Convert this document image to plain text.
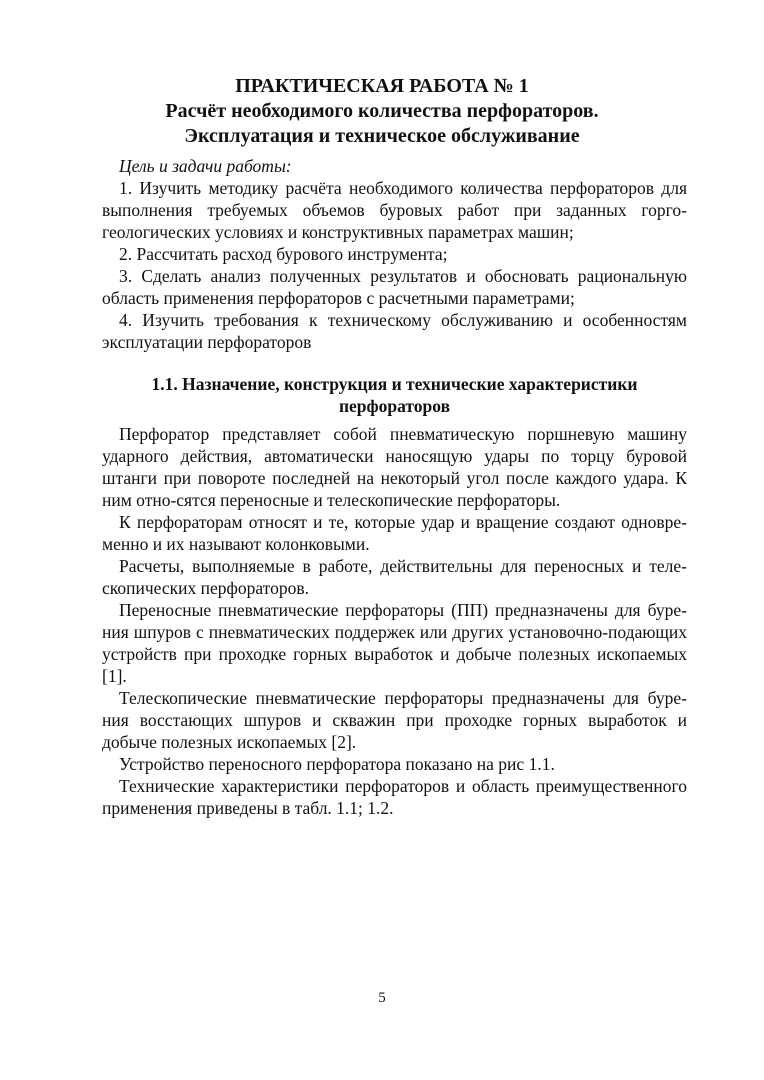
ПРАКТИЧЕСКАЯ РАБОТА № 1
Расчёт необходимого количества перфораторов.
Эксплуатация и техническое обслуживание

Цель и задачи работы:

1. Изучить методику расчёта необходимого количества перфораторов для выполнения требуемых объемов буровых работ при заданных горго-геологических условиях и конструктивных параметрах машин;

2. Рассчитать расход бурового инструмента;

3. Сделать анализ полученных результатов и обосновать рациональную область применения перфораторов с расчетными параметрами;

4. Изучить требования к техническому обслуживанию и особенностям эксплуатации перфораторов

1.1. Назначение, конструкция и технические характеристики
перфораторов

Перфоратор представляет собой пневматическую поршневую машину ударного действия, автоматически наносящую удары по торцу буровой штанги при повороте последней на некоторый угол после каждого удара. К ним отно-сятся переносные и телескопические перфораторы.

К перфораторам относят и те, которые удар и вращение создают одновре-менно и их называют колонковыми.

Расчеты, выполняемые в работе, действительны для переносных и теле-скопических перфораторов.

Переносные пневматические перфораторы (ПП) предназначены для буре-ния шпуров с пневматических поддержек или других установочно-подающих устройств при проходке горных выработок и добыче полезных ископаемых [1].

Телескопические пневматические перфораторы предназначены для буре-ния восстающих шпуров и скважин при проходке горных выработок и добыче полезных ископаемых [2].

Устройство переносного перфоратора показано на рис 1.1.

Технические характеристики перфораторов и область преимущественного применения приведены в табл. 1.1; 1.2.

5
